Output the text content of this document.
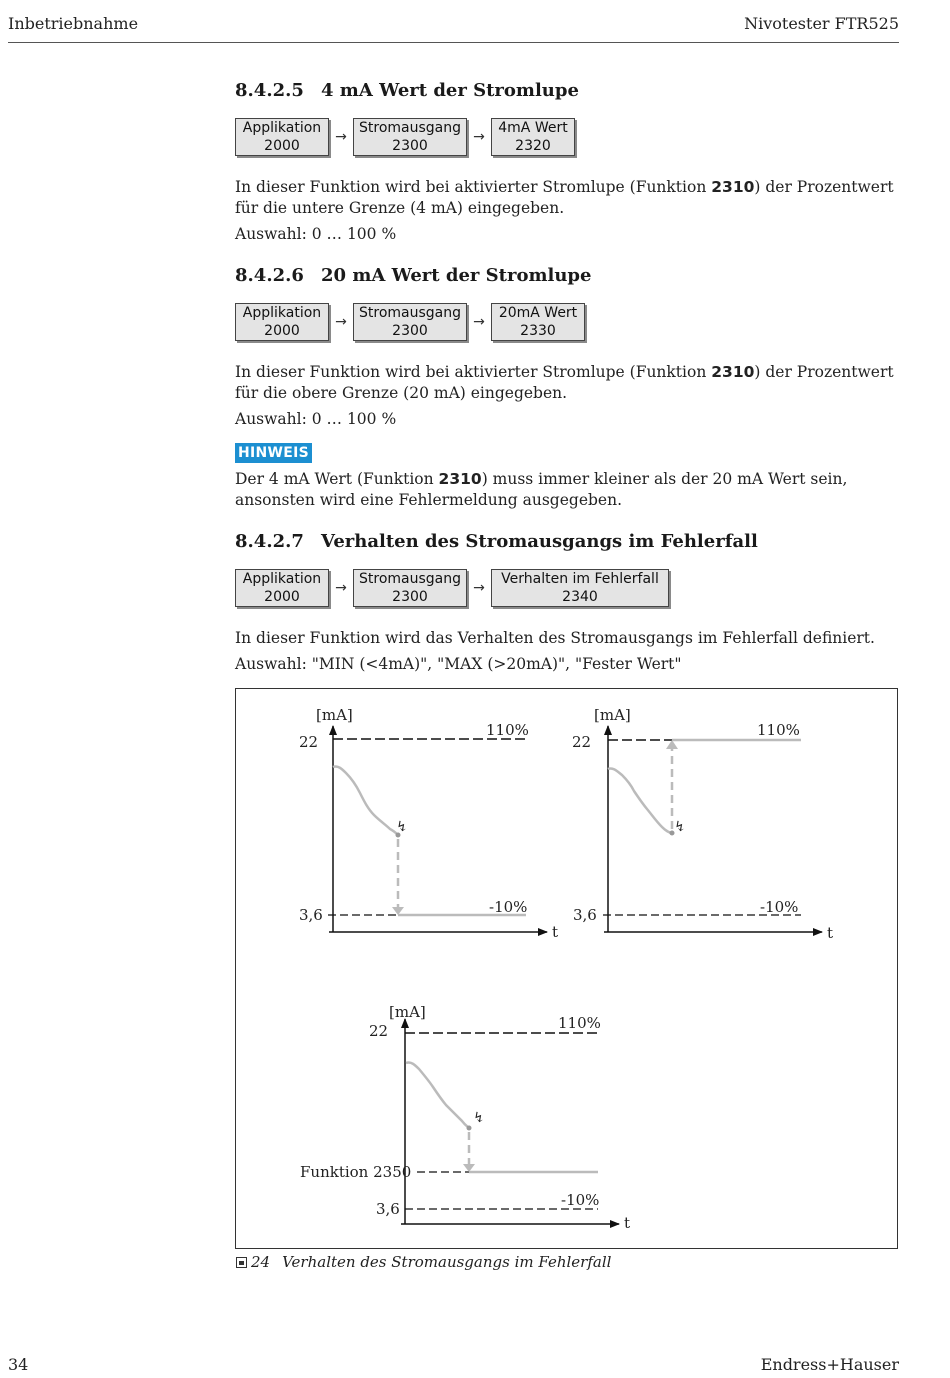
Inbetriebnahme	Nivotester FTR525
8.4.2.5 4 mA Wert der Stromlupe
Applikation
2000
→
Stromausgang
2300
→
4mA Wert
2320
In dieser Funktion wird bei aktivierter Stromlupe (Funktion 2310) der Prozentwert für die untere Grenze (4 mA) eingegeben.
Auswahl: 0 … 100 %
8.4.2.6 20 mA Wert der Stromlupe
Applikation
2000
→
Stromausgang
2300
→
20mA Wert
2330
In dieser Funktion wird bei aktivierter Stromlupe (Funktion 2310) der Prozentwert für die obere Grenze (20 mA) eingegeben.
Auswahl: 0 … 100 %
HINWEIS
Der 4 mA Wert (Funktion 2310) muss immer kleiner als der 20 mA Wert sein, ansonsten wird eine Fehlermeldung ausgegeben.
8.4.2.7 Verhalten des Stromausgangs im Fehlerfall
Applikation
2000
→
Stromausgang
2300
→
Verhalten im Fehlerfall
2340
In dieser Funktion wird das Verhalten des Stromausgangs im Fehlerfall definiert.
Auswahl: "MIN (<4mA)", "MAX (>20mA)", "Fester Wert"
[mA]
22
3,6
110%
-10%
t
↯
[mA]
22
3,6
110%
-10%
t
↯
[mA]
22
3,6
Funktion 2350
110%
-10%
t
↯
24 Verhalten des Stromausgangs im Fehlerfall
34	Endress+Hauser
